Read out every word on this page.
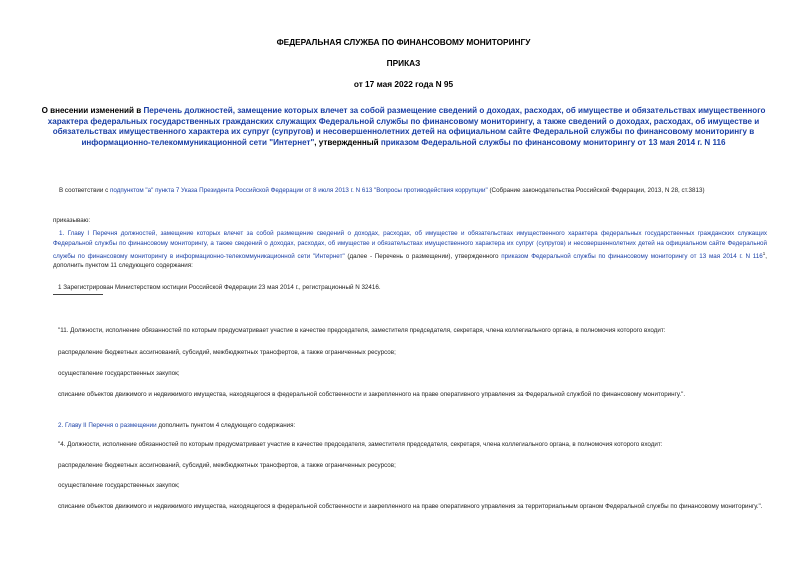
ФЕДЕРАЛЬНАЯ СЛУЖБА ПО ФИНАНСОВОМУ МОНИТОРИНГУ
ПРИКАЗ
от 17 мая 2022 года N 95
О внесении изменений в Перечень должностей, замещение которых влечет за собой размещение сведений о доходах, расходах, об имуществе и обязательствах имущественного характера федеральных государственных гражданских служащих Федеральной службы по финансовому мониторингу, а также сведений о доходах, расходах, об имуществе и обязательствах имущественного характера их супруг (супругов) и несовершеннолетних детей на официальном сайте Федеральной службы по финансовому мониторингу в информационно-телекоммуникационной сети "Интернет", утвержденный приказом Федеральной службы по финансовому мониторингу от 13 мая 2014 г. N 116
В соответствии с подпунктом "а" пункта 7 Указа Президента Российской Федерации от 8 июля 2013 г. N 613 "Вопросы противодействия коррупции" (Собрание законодательства Российской Федерации, 2013, N 28, ст.3813)
приказываю:
1. Главу I Перечня должностей, замещение которых влечет за собой размещение сведений о доходах, расходах, об имуществе и обязательствах имущественного характера федеральных государственных гражданских служащих Федеральной службы по финансовому мониторингу, а также сведений о доходах, расходах, об имуществе и обязательствах имущественного характера их супруг (супругов) и несовершеннолетних детей на официальном сайте Федеральной службы по финансовому мониторингу в информационно-телекоммуникационной сети "Интернет" (далее - Перечень о размещении), утвержденного приказом Федеральной службы по финансовому мониторингу от 13 мая 2014 г. N $116^1$, дополнить пунктом 11 следующего содержания:
1 Зарегистрирован Министерством юстиции Российской Федерации 23 мая 2014 г., регистрационный N 32416.
"11. Должности, исполнение обязанностей по которым предусматривает участие в качестве председателя, заместителя председателя, секретаря, члена коллегиального органа, в полномочия которого входит:
распределение бюджетных ассигнований, субсидий, межбюджетных трансфертов, а также ограниченных ресурсов;
осуществление государственных закупок;
списание объектов движимого и недвижимого имущества, находящегося в федеральной собственности и закрепленного на праве оперативного управления за Федеральной службой по финансовому мониторингу.".
2. Главу II Перечня о размещении дополнить пунктом 4 следующего содержания:
"4. Должности, исполнение обязанностей по которым предусматривает участие в качестве председателя, заместителя председателя, секретаря, члена коллегиального органа, в полномочия которого входит:
распределение бюджетных ассигнований, субсидий, межбюджетных трансфертов, а также ограниченных ресурсов;
осуществление государственных закупок;
списание объектов движимого и недвижимого имущества, находящегося в федеральной собственности и закрепленного на праве оперативного управления за территориальным органом Федеральной службы по финансовому мониторингу.".
